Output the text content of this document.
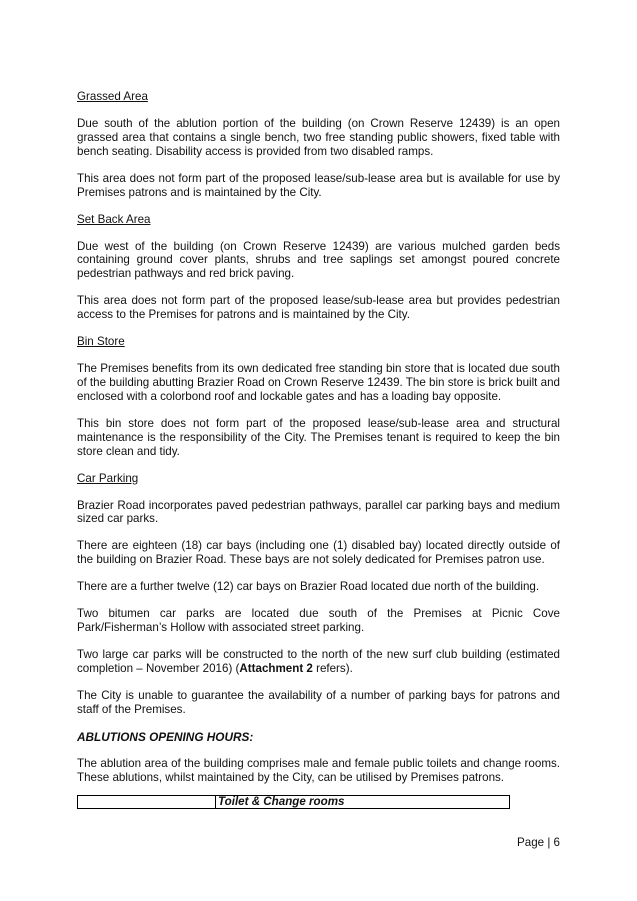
Grassed Area

Due south of the ablution portion of the building (on Crown Reserve 12439) is an open grassed area that contains a single bench, two free standing public showers, fixed table with bench seating. Disability access is provided from two disabled ramps.

This area does not form part of the proposed lease/sub-lease area but is available for use by Premises patrons and is maintained by the City.

Set Back Area

Due west of the building (on Crown Reserve 12439) are various mulched garden beds containing ground cover plants, shrubs and tree saplings set amongst poured concrete pedestrian pathways and red brick paving.

This area does not form part of the proposed lease/sub-lease area but provides pedestrian access to the Premises for patrons and is maintained by the City.

Bin Store

The Premises benefits from its own dedicated free standing bin store that is located due south of the building abutting Brazier Road on Crown Reserve 12439. The bin store is brick built and enclosed with a colorbond roof and lockable gates and has a loading bay opposite.

This bin store does not form part of the proposed lease/sub-lease area and structural maintenance is the responsibility of the City. The Premises tenant is required to keep the bin store clean and tidy.

Car Parking

Brazier Road incorporates paved pedestrian pathways, parallel car parking bays and medium sized car parks.

There are eighteen (18) car bays (including one (1) disabled bay) located directly outside of the building on Brazier Road. These bays are not solely dedicated for Premises patron use.

There are a further twelve (12) car bays on Brazier Road located due north of the building.

Two bitumen car parks are located due south of the Premises at Picnic Cove Park/Fisherman’s Hollow with associated street parking.

Two large car parks will be constructed to the north of the new surf club building (estimated completion – November 2016) (Attachment 2 refers).

The City is unable to guarantee the availability of a number of parking bays for patrons and staff of the Premises.

ABLUTIONS OPENING HOURS:

The ablution area of the building comprises male and female public toilets and change rooms. These ablutions, whilst maintained by the City, can be utilised by Premises patrons.

Toilet & Change rooms
Page | 6
